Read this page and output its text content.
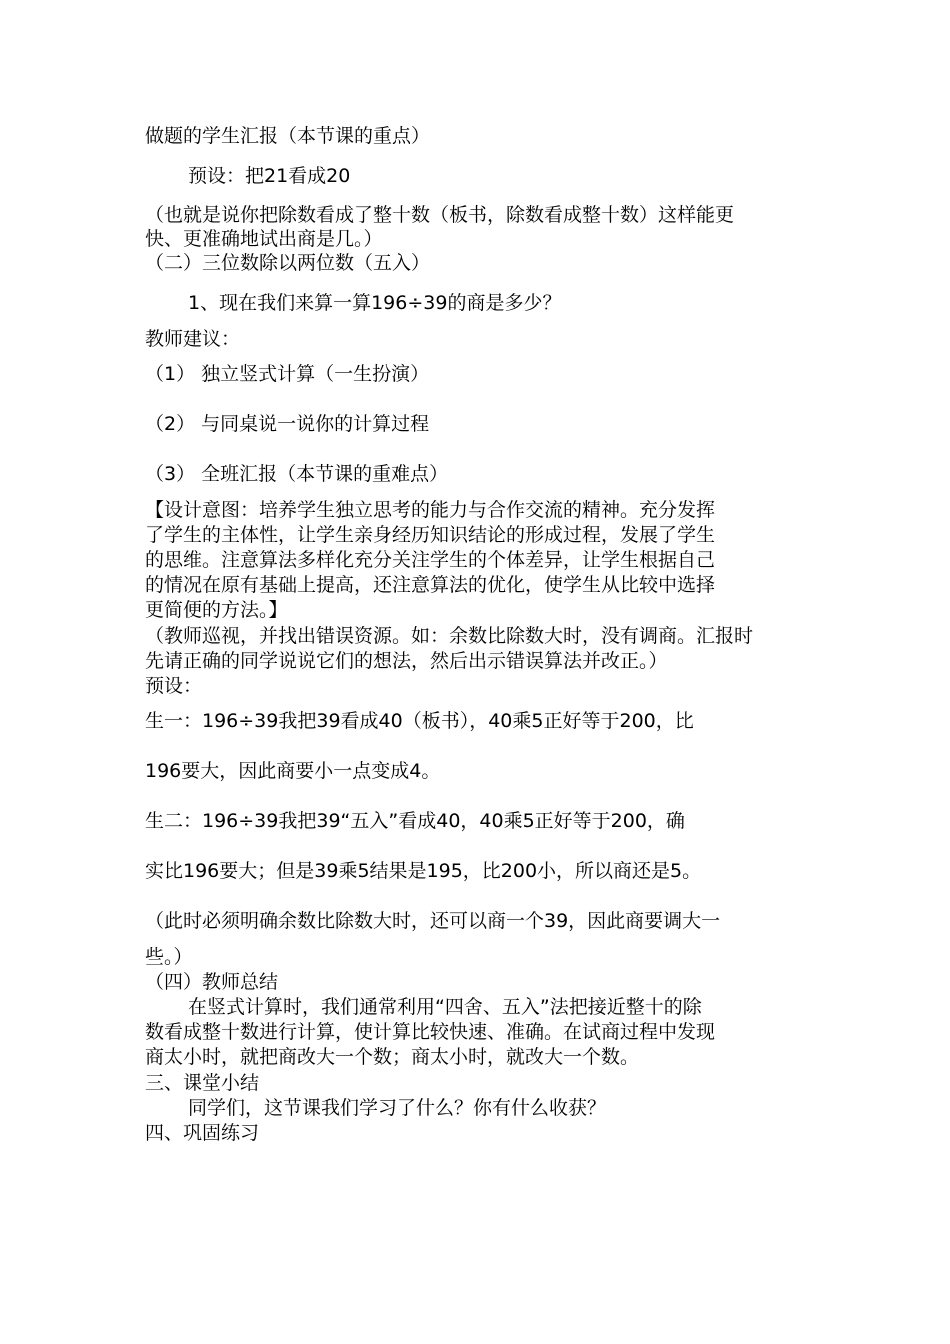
做题的学生汇报（本节课的重点）
预设：把21看成20
（也就是说你把除数看成了整十数（板书，除数看成整十数）这样能更
快、更准确地试出商是几。）
（二）三位数除以两位数（五入）
1、现在我们来算一算196÷39的商是多少？
教师建议：
（1） 独立竖式计算（一生扮演）
（2） 与同桌说一说你的计算过程
（3） 全班汇报（本节课的重难点）
【设计意图：培养学生独立思考的能力与合作交流的精神。充分发挥
了学生的主体性，让学生亲身经历知识结论的形成过程，发展了学生
的思维。注意算法多样化充分关注学生的个体差异，让学生根据自己
的情况在原有基础上提高，还注意算法的优化，使学生从比较中选择
更简便的方法。】
（教师巡视，并找出错误资源。如：余数比除数大时，没有调商。汇报时
先请正确的同学说说它们的想法，然后出示错误算法并改正。）
预设：
生一：196÷39我把39看成40（板书），40乘5正好等于200，比
196要大，因此商要小一点变成4。
生二：196÷39我把39“五入”看成40，40乘5正好等于200，确
实比196要大；但是39乘5结果是195，比200小，所以商还是5。
（此时必须明确余数比除数大时，还可以商一个39，因此商要调大一
些。）
（四）教师总结
在竖式计算时，我们通常利用“四舍、五入”法把接近整十的除
数看成整十数进行计算，使计算比较快速、准确。在试商过程中发现
商太小时，就把商改大一个数；商太小时，就改大一个数。
三、课堂小结
同学们，这节课我们学习了什么？你有什么收获？
四、巩固练习
